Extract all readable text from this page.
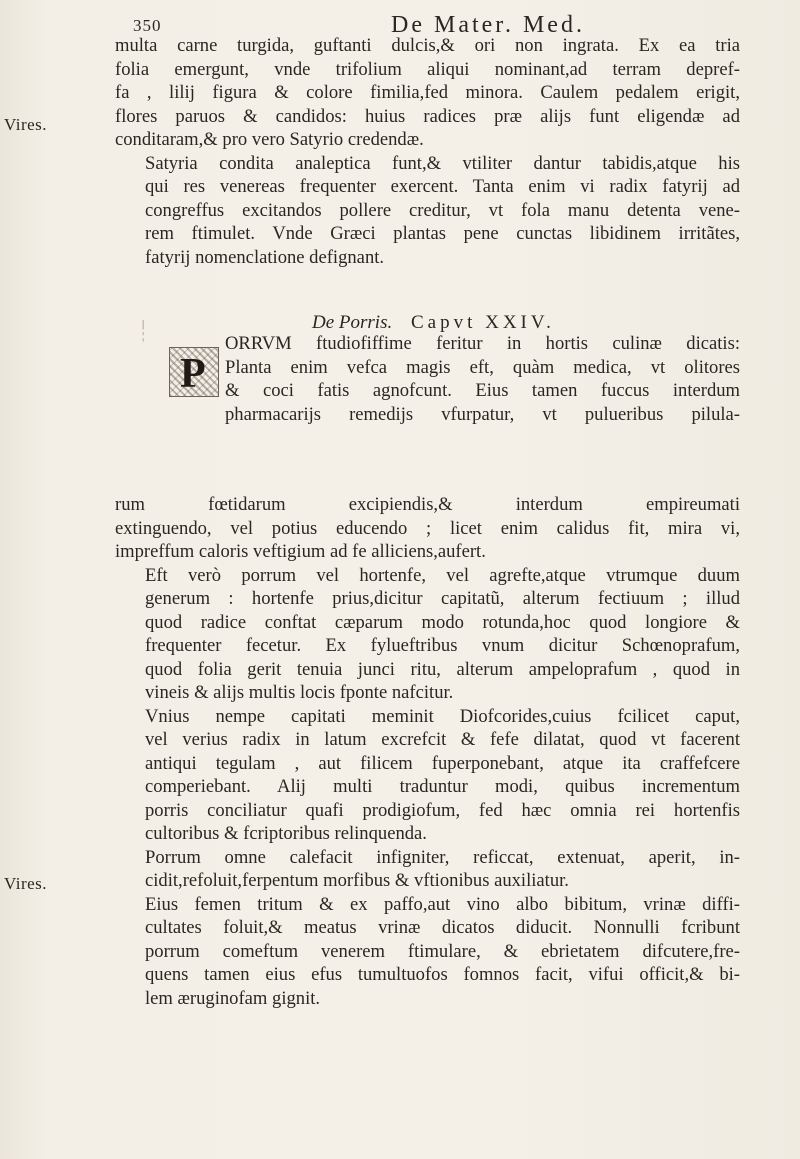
350	De Mater. Med.
Vires.
Vires.

multa carne turgida, guftanti dulcis,& ori non ingrata. Ex ea tria
folia emergunt, vnde trifolium aliqui nominant,ad terram depref-
fa , lilij figura & colore fimilia,fed minora. Caulem pedalem erigit,
flores paruos & candidos: huius radices præ alijs funt eligendæ ad
conditaram,& pro vero Satyrio credendæ.

Satyria condita analeptica funt,& vtiliter dantur tabidis,atque his
qui res venereas frequenter exercent. Tanta enim vi radix fatyrij ad
congreffus excitandos pollere creditur, vt fola manu detenta vene-
rem ftimulet. Vnde Græci plantas pene cunctas libidinem irritãtes,
fatyrij nomenclatione defignant.

|
¦
De Porris. Capvt XXIV.
P
ORRVM ftudiofiffime feritur in hortis culinæ dicatis:
Planta enim vefca magis eft, quàm medica, vt olitores
& coci fatis agnofcunt. Eius tamen fuccus interdum
pharmacarijs remedijs vfurpatur, vt pulueribus pilula-

rum fœtidarum excipiendis,& interdum empireumati
extinguendo, vel potius educendo ; licet enim calidus fit, mira vi,
impreffum caloris veftigium ad fe alliciens,aufert.

Eft verò porrum vel hortenfe, vel agrefte,atque vtrumque duum
generum : hortenfe prius,dicitur capitatũ, alterum fectiuum ; illud
quod radice conftat cæparum modo rotunda,hoc quod longiore &
frequenter fecetur. Ex fylueftribus vnum dicitur Schœnoprafum,
quod folia gerit tenuia junci ritu, alterum ampeloprafum , quod in
vineis & alijs multis locis fponte nafcitur.

Vnius nempe capitati meminit Diofcorides,cuius fcilicet caput,
vel verius radix in latum excrefcit & fefe dilatat, quod vt facerent
antiqui tegulam , aut filicem fuperponebant, atque ita craffefcere
comperiebant. Alij multi traduntur modi, quibus incrementum
porris conciliatur quafi prodigiofum, fed hæc omnia rei hortenfis
cultoribus & fcriptoribus relinquenda.

Porrum omne calefacit infigniter, reficcat, extenuat, aperit, in-
cidit,refoluit,ferpentum morfibus & vftionibus auxiliatur.

Eius femen tritum & ex paffo,aut vino albo bibitum, vrinæ diffi-
cultates foluit,& meatus vrinæ dicatos diducit. Nonnulli fcribunt
porrum comeftum venerem ftimulare, & ebrietatem difcutere,fre-
quens tamen eius efus tumultuofos fomnos facit, vifui officit,& bi-
lem æruginofam gignit.
